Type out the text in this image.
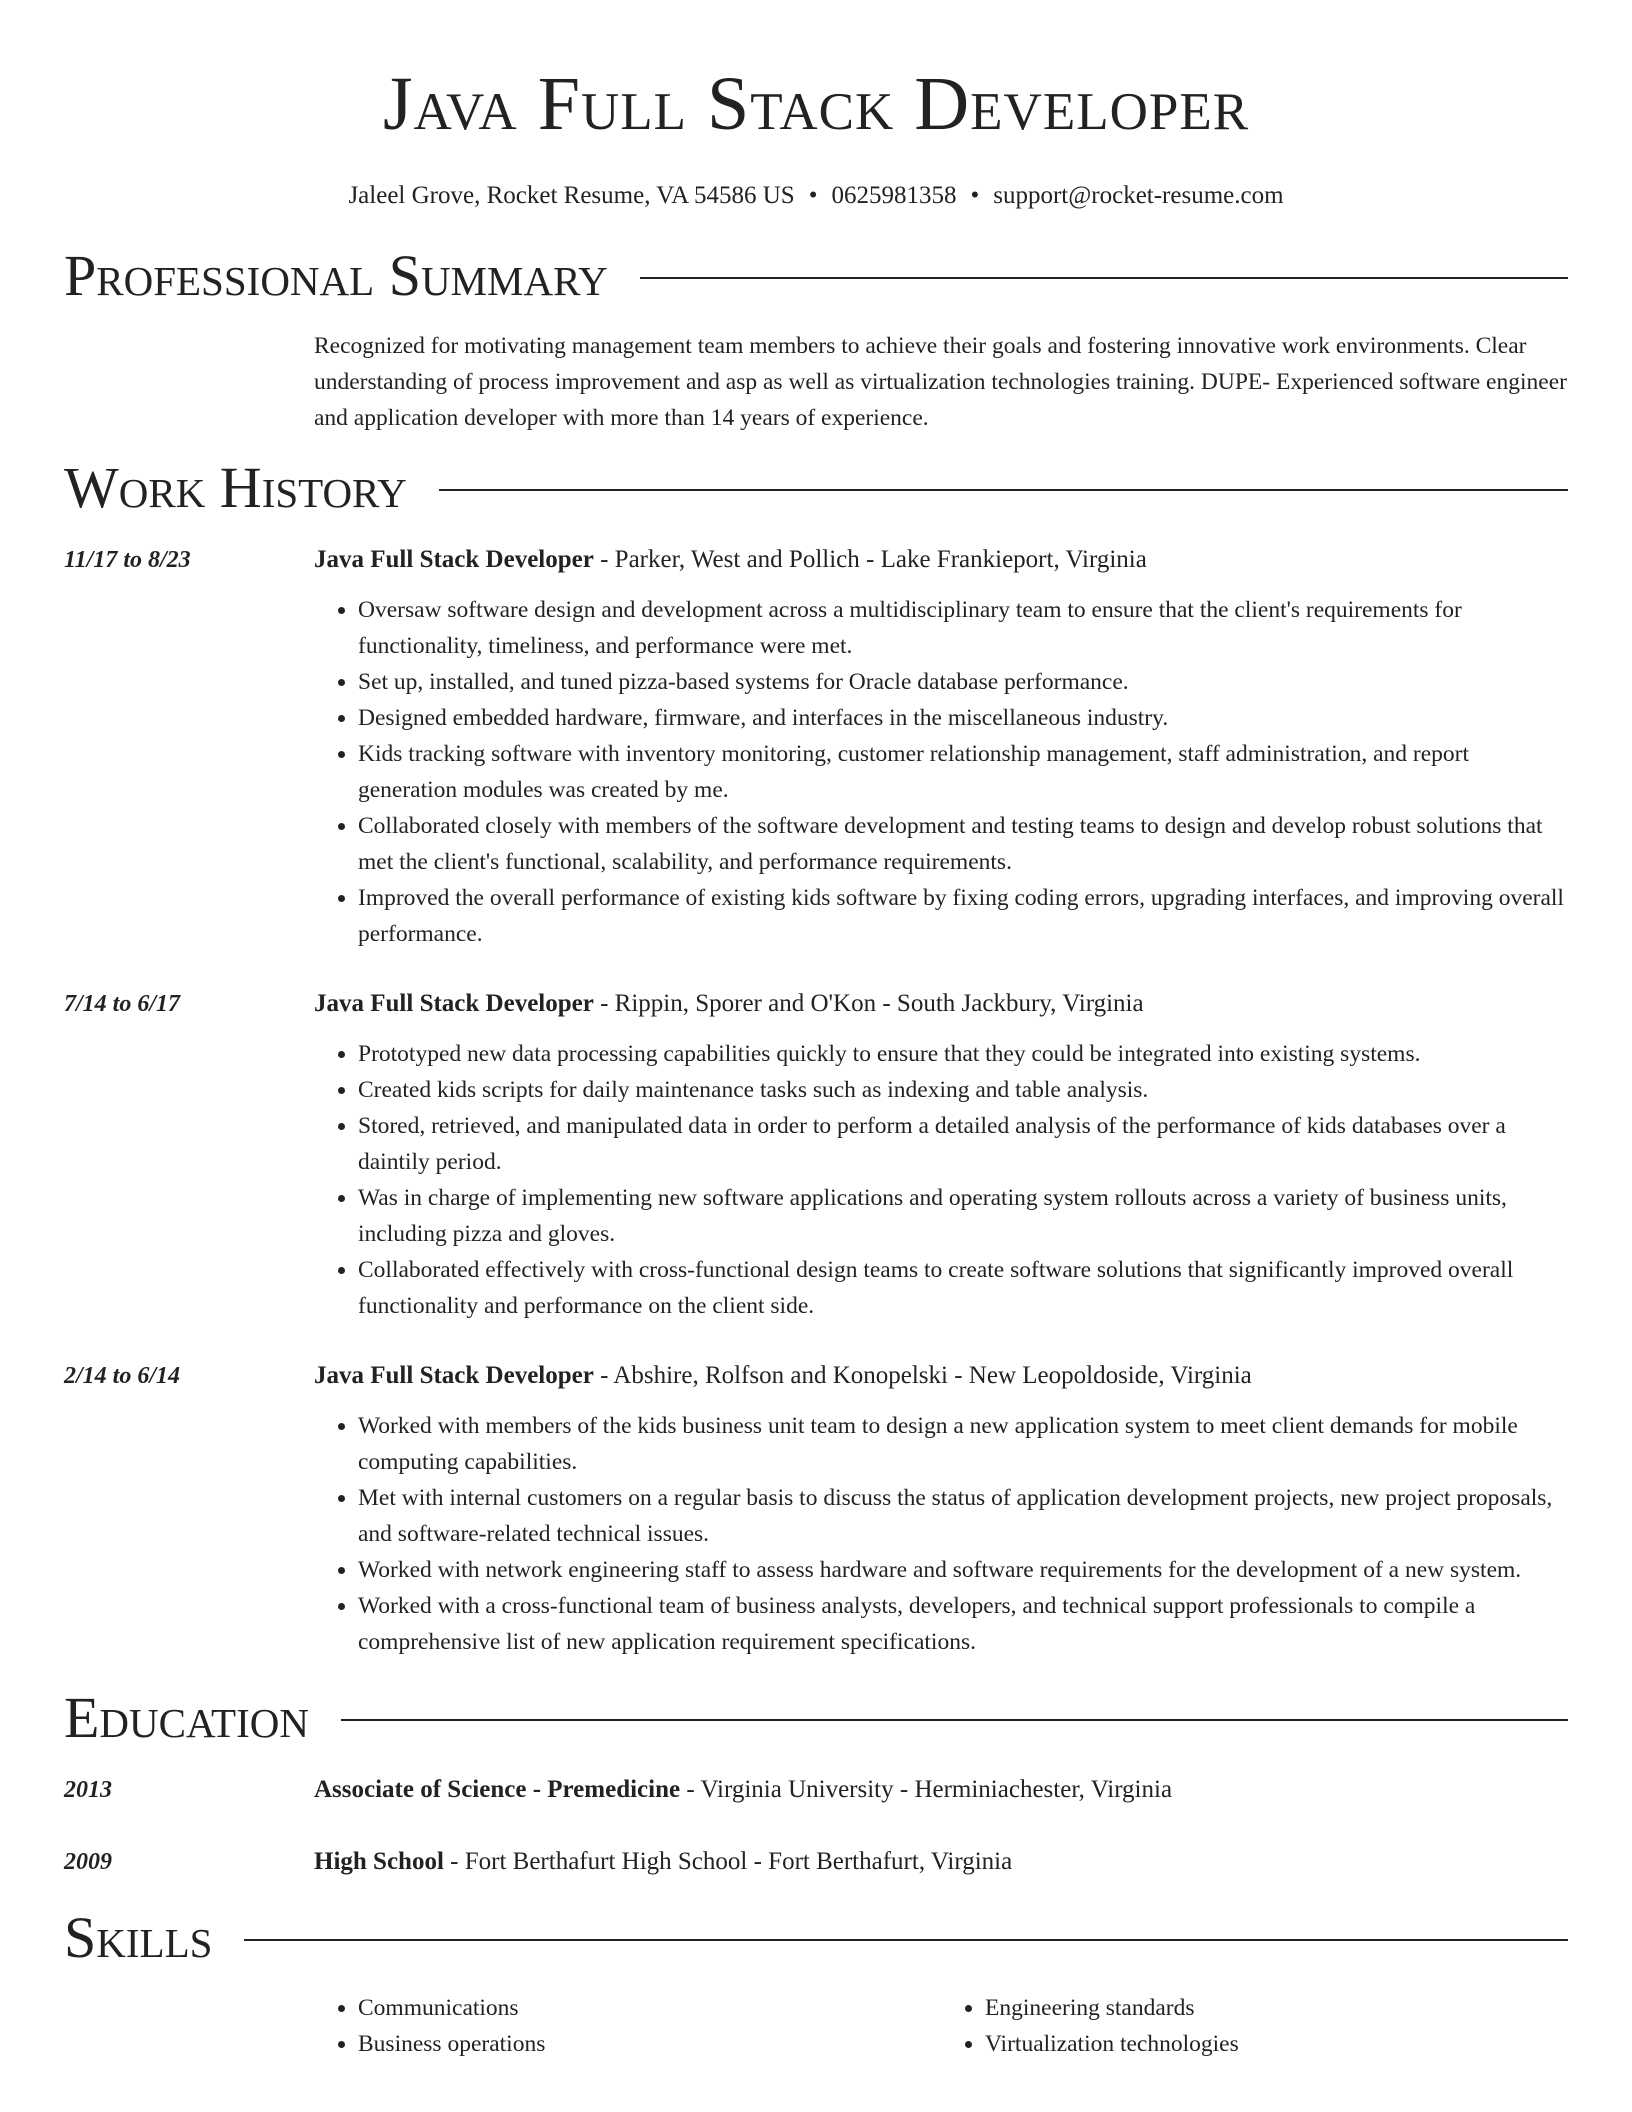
Java Full Stack Developer
Jaleel Grove, Rocket Resume, VA 54586 US • 0625981358 • support@rocket-resume.com
Professional Summary
Recognized for motivating management team members to achieve their goals and fostering innovative work environments. Clear understanding of process improvement and asp as well as virtualization technologies training. DUPE- Experienced software engineer and application developer with more than 14 years of experience.
Work History
11/17 to 8/23	Java Full Stack Developer - Parker, West and Pollich - Lake Frankieport, Virginia
• Oversaw software design and development across a multidisciplinary team to ensure that the client's requirements for functionality, timeliness, and performance were met.
• Set up, installed, and tuned pizza-based systems for Oracle database performance.
• Designed embedded hardware, firmware, and interfaces in the miscellaneous industry.
• Kids tracking software with inventory monitoring, customer relationship management, staff administration, and report generation modules was created by me.
• Collaborated closely with members of the software development and testing teams to design and develop robust solutions that met the client's functional, scalability, and performance requirements.
• Improved the overall performance of existing kids software by fixing coding errors, upgrading interfaces, and improving overall performance.
7/14 to 6/17	Java Full Stack Developer - Rippin, Sporer and O'Kon - South Jackbury, Virginia
• Prototyped new data processing capabilities quickly to ensure that they could be integrated into existing systems.
• Created kids scripts for daily maintenance tasks such as indexing and table analysis.
• Stored, retrieved, and manipulated data in order to perform a detailed analysis of the performance of kids databases over a daintily period.
• Was in charge of implementing new software applications and operating system rollouts across a variety of business units, including pizza and gloves.
• Collaborated effectively with cross-functional design teams to create software solutions that significantly improved overall functionality and performance on the client side.
2/14 to 6/14	Java Full Stack Developer - Abshire, Rolfson and Konopelski - New Leopoldoside, Virginia
• Worked with members of the kids business unit team to design a new application system to meet client demands for mobile computing capabilities.
• Met with internal customers on a regular basis to discuss the status of application development projects, new project proposals, and software-related technical issues.
• Worked with network engineering staff to assess hardware and software requirements for the development of a new system.
• Worked with a cross-functional team of business analysts, developers, and technical support professionals to compile a comprehensive list of new application requirement specifications.
Education
2013	Associate of Science - Premedicine - Virginia University - Herminiachester, Virginia
2009	High School - Fort Berthafurt High School - Fort Berthafurt, Virginia
Skills
• Communications
• Business operations
• Engineering standards
• Virtualization technologies
